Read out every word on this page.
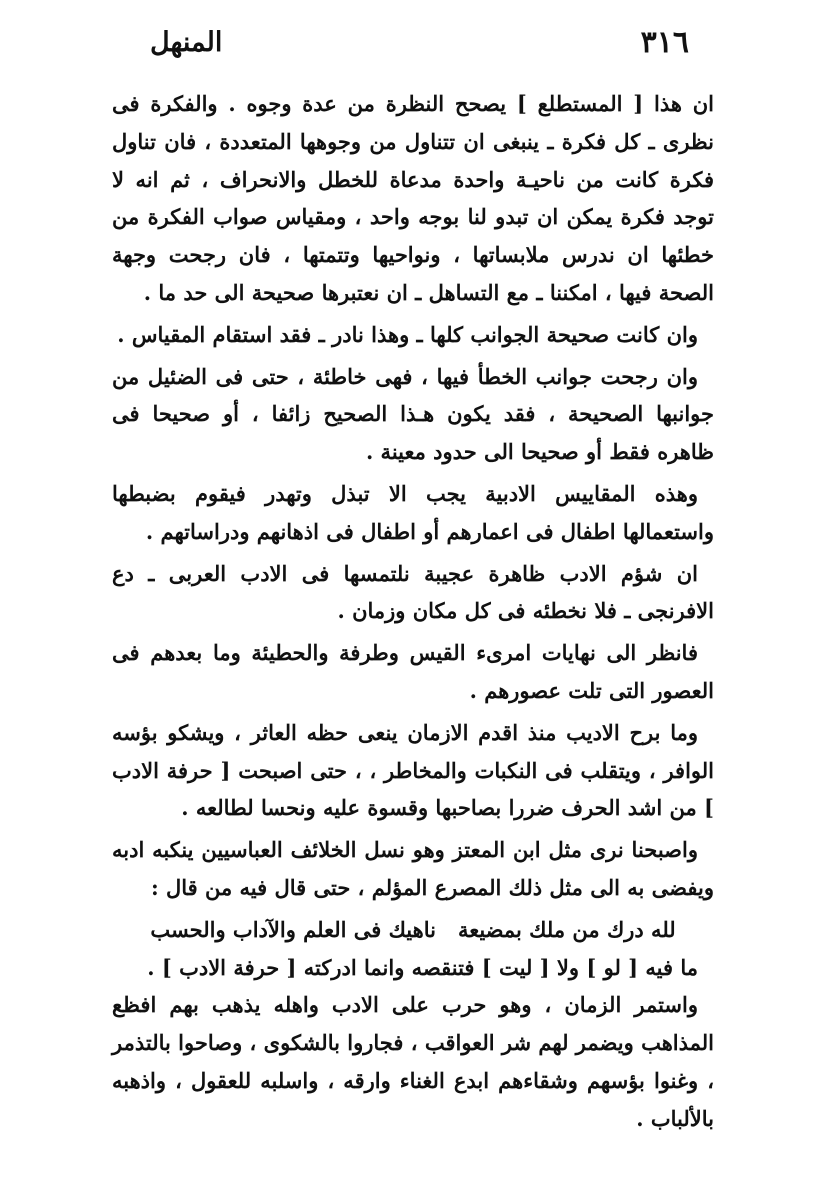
٣١٦
المنهل

ان هذا [ المستطلع ] يصحح النظرة من عدة وجوه . والفكرة فى نظرى ـ كل فكرة ـ ينبغى ان تتناول من وجوهها المتعددة ، فان تناول فكرة كانت من ناحيـة واحدة مدعاة للخطل والانحراف ، ثم انه لا توجد فكرة يمكن ان تبدو لنا بوجه واحد ، ومقياس صواب الفكرة من خطئها ان ندرس ملابساتها ، ونواحيها وتتمتها ، فان رجحت وجهة الصحة فيها ، امكننا ـ مع التساهل ـ ان نعتبرها صحيحة الى حد ما .

وان كانت صحيحة الجوانب كلها ـ وهذا نادر ـ فقد استقام المقياس .

وان رجحت جوانب الخطأ فيها ، فهى خاطئة ، حتى فى الضئيل من جوانبها الصحيحة ، فقد يكون هـذا الصحيح زائفا ، أو صحيحا فى ظاهره فقط أو صحيحا الى حدود معينة .

وهذه المقاييس الادبية يجب الا تبذل وتهدر فيقوم بضبطها واستعمالها اطفال فى اعمارهم أو اطفال فى اذهانهم ودراساتهم .

ان شؤم الادب ظاهرة عجيبة نلتمسها فى الادب العربى ـ دع الافرنجى ـ فلا نخطئه فى كل مكان وزمان .

فانظر الى نهايات امرىء القيس وطرفة والحطيئة وما بعدهم فى العصور التى تلت عصورهم .

وما برح الاديب منذ اقدم الازمان ينعى حظه العاثر ، ويشكو بؤسه الوافر ، ويتقلب فى النكبات والمخاطر ، ، حتى اصبحت [ حرفة الادب ] من اشد الحرف ضررا بصاحبها وقسوة عليه ونحسا لطالعه .

واصبحنا نرى مثل ابن المعتز وهو نسل الخلائف العباسيين ينكبه ادبه ويفضى به الى مثل ذلك المصرع المؤلم ، حتى قال فيه من قال :

لله درك من ملك بمضيعة
ناهيك فى العلم والآداب والحسب

ما فيه [ لو ] ولا [ ليت ] فتنقصه وانما ادركته [ حرفة الادب ] .

واستمر الزمان ، وهو حرب على الادب واهله يذهب بهم افظع المذاهب ويضمر لهم شر العواقب ، فجاروا بالشكوى ، وصاحوا بالتذمر ، وغنوا بؤسهم وشقاءهم ابدع الغناء وارقه ، واسلبه للعقول ، واذهبه بالألباب .
